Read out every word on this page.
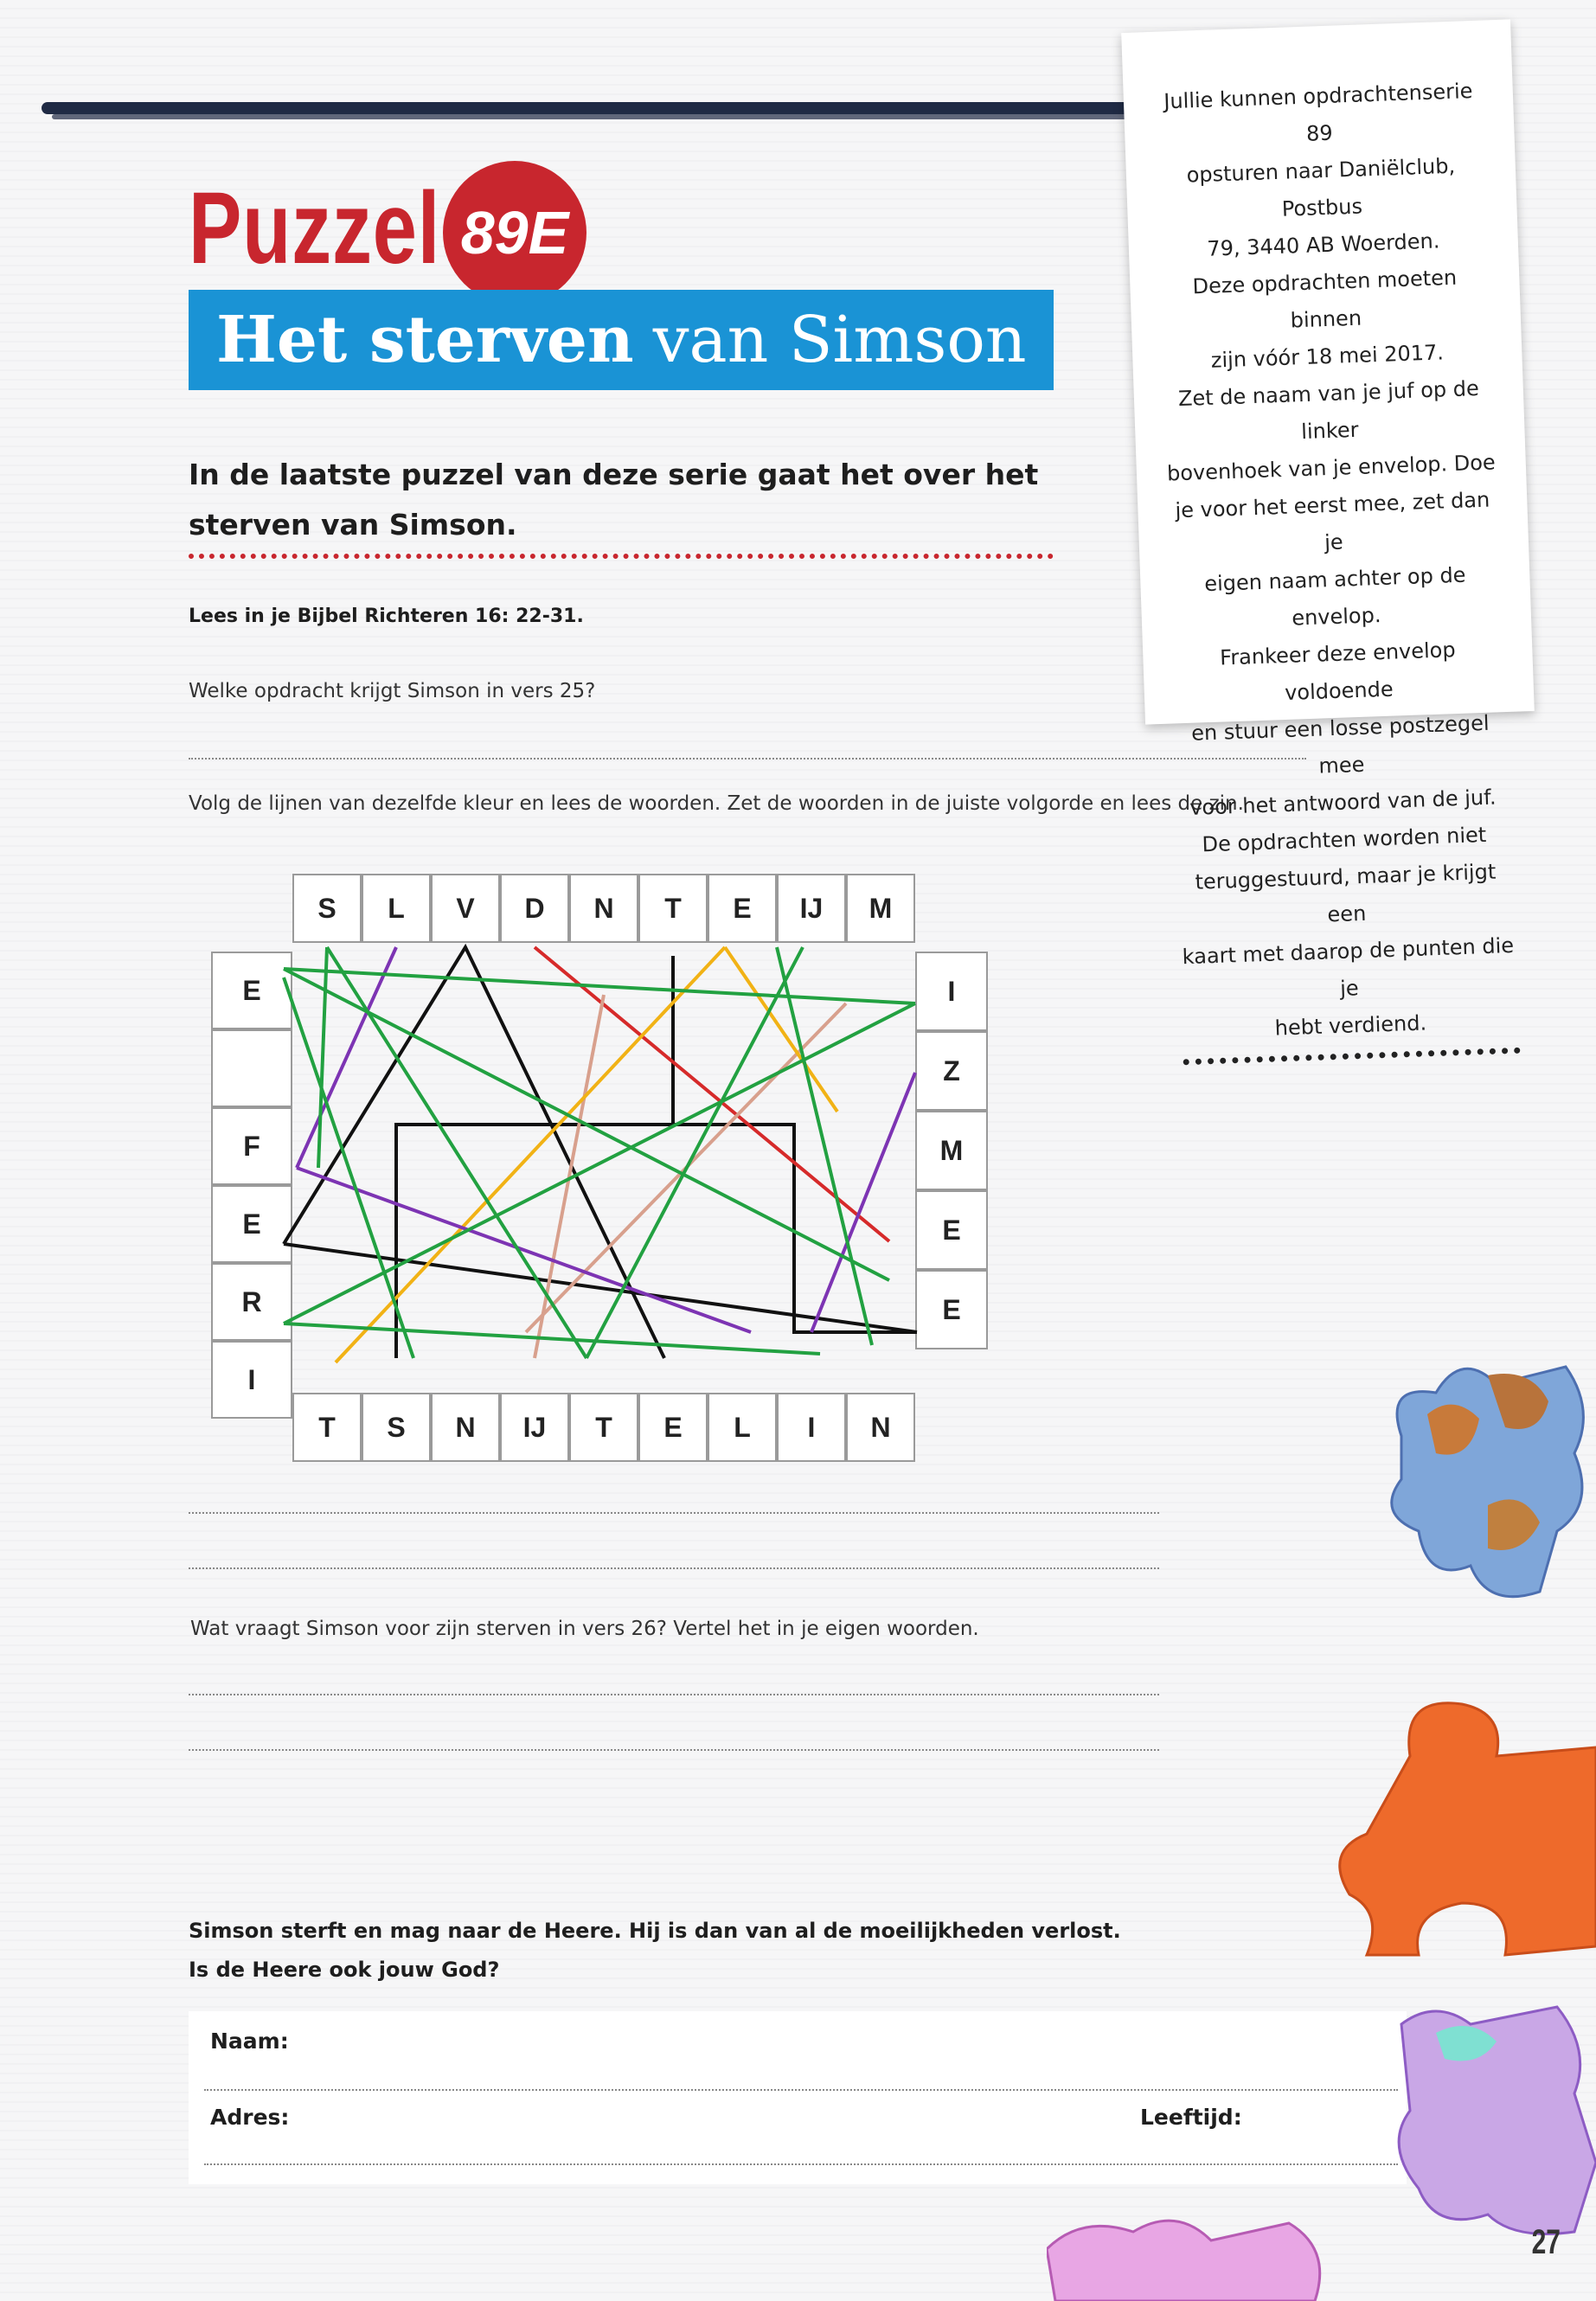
Puzzel 89E
Het sterven van Simson
In de laatste puzzel van deze serie gaat het over het sterven van Simson.
Lees in je Bijbel Richteren 16: 22-31.
Welke opdracht krijgt Simson in vers 25?
Volg de lijnen van dezelfde kleur en lees de woorden. Zet de woorden in de juiste volgorde en lees de zin.
Jullie kunnen opdrachtenserie 89
opsturen naar Daniëlclub, Postbus
79, 3440 AB Woerden.
Deze opdrachten moeten binnen
zijn vóór 18 mei 2017.
Zet de naam van je juf op de linker
bovenhoek van je envelop. Doe
je voor het eerst mee, zet dan je
eigen naam achter op de envelop.
Frankeer deze envelop voldoende
en stuur een losse postzegel mee
voor het antwoord van de juf.
De opdrachten worden niet
teruggestuurd, maar je krijgt een
kaart met daarop de punten die je
hebt verdiend.
S	L	V	D	N	T	E	IJ	M
T	S	N	IJ	T	E	L	I	N
E
F
E
R
I
I
Z
M
E
E
Wat vraagt Simson voor zijn sterven in vers 26? Vertel het in je eigen woorden.
Simson sterft en mag naar de Heere. Hij is dan van al de moeilijkheden verlost.
Is de Heere ook jouw God?
Naam:
Adres:	Leeftijd:
27
